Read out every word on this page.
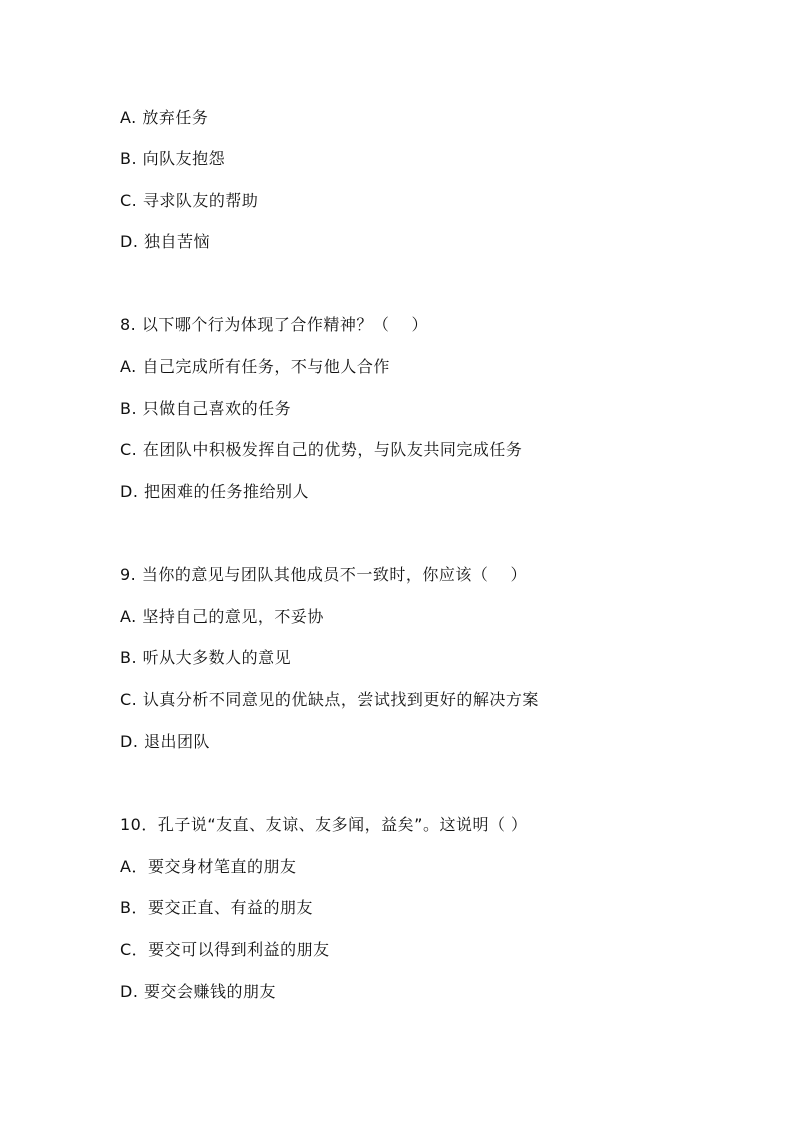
A. 放弃任务
B. 向队友抱怨
C. 寻求队友的帮助
D. 独自苦恼
8. 以下哪个行为体现了合作精神？（　 ）
A. 自己完成所有任务，不与他人合作
B. 只做自己喜欢的任务
C. 在团队中积极发挥自己的优势，与队友共同完成任务
D. 把困难的任务推给别人
9. 当你的意见与团队其他成员不一致时，你应该（　 ）
A. 坚持自己的意见，不妥协
B. 听从大多数人的意见
C. 认真分析不同意见的优缺点，尝试找到更好的解决方案
D. 退出团队
10．孔子说“友直、友谅、友多闻，益矣”。这说明（ ）
A．要交身材笔直的朋友
B．要交正直、有益的朋友
C．要交可以得到利益的朋友
D. 要交会赚钱的朋友
